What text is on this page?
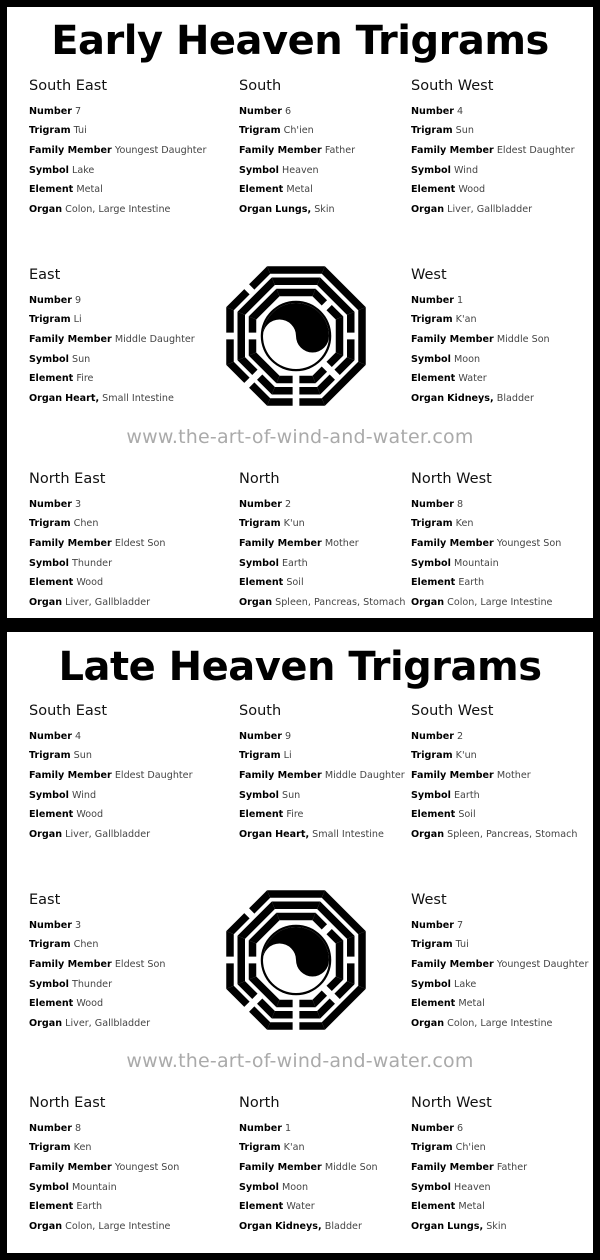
Early Heaven Trigrams
South East
Number 7
Trigram Tui
Family Member Youngest Daughter
Symbol Lake
Element Metal
Organ Colon, Large Intestine
South
Number 6
Trigram Ch'ien
Family Member Father
Symbol Heaven
Element Metal
Organ Lungs, Skin
South West
Number 4
Trigram Sun
Family Member Eldest Daughter
Symbol Wind
Element Wood
Organ Liver, Gallbladder
East
Number 9
Trigram Li
Family Member Middle Daughter
Symbol Sun
Element Fire
Organ Heart, Small Intestine
West
Number 1
Trigram K'an
Family Member Middle Son
Symbol Moon
Element Water
Organ Kidneys, Bladder
www.the-art-of-wind-and-water.com
North East
Number 3
Trigram Chen
Family Member Eldest Son
Symbol Thunder
Element Wood
Organ Liver, Gallbladder
North
Number 2
Trigram K'un
Family Member Mother
Symbol Earth
Element Soil
Organ Spleen, Pancreas, Stomach
North West
Number 8
Trigram Ken
Family Member Youngest Son
Symbol Mountain
Element Earth
Organ Colon, Large Intestine
Late Heaven Trigrams
South East
Number 4
Trigram Sun
Family Member Eldest Daughter
Symbol Wind
Element Wood
Organ Liver, Gallbladder
South
Number 9
Trigram Li
Family Member Middle Daughter
Symbol Sun
Element Fire
Organ Heart, Small Intestine
South West
Number 2
Trigram K'un
Family Member Mother
Symbol Earth
Element Soil
Organ Spleen, Pancreas, Stomach
East
Number 3
Trigram Chen
Family Member Eldest Son
Symbol Thunder
Element Wood
Organ Liver, Gallbladder
West
Number 7
Trigram Tui
Family Member Youngest Daughter
Symbol Lake
Element Metal
Organ Colon, Large Intestine
www.the-art-of-wind-and-water.com
North East
Number 8
Trigram Ken
Family Member Youngest Son
Symbol Mountain
Element Earth
Organ Colon, Large Intestine
North
Number 1
Trigram K'an
Family Member Middle Son
Symbol Moon
Element Water
Organ Kidneys, Bladder
North West
Number 6
Trigram Ch'ien
Family Member Father
Symbol Heaven
Element Metal
Organ Lungs, Skin
